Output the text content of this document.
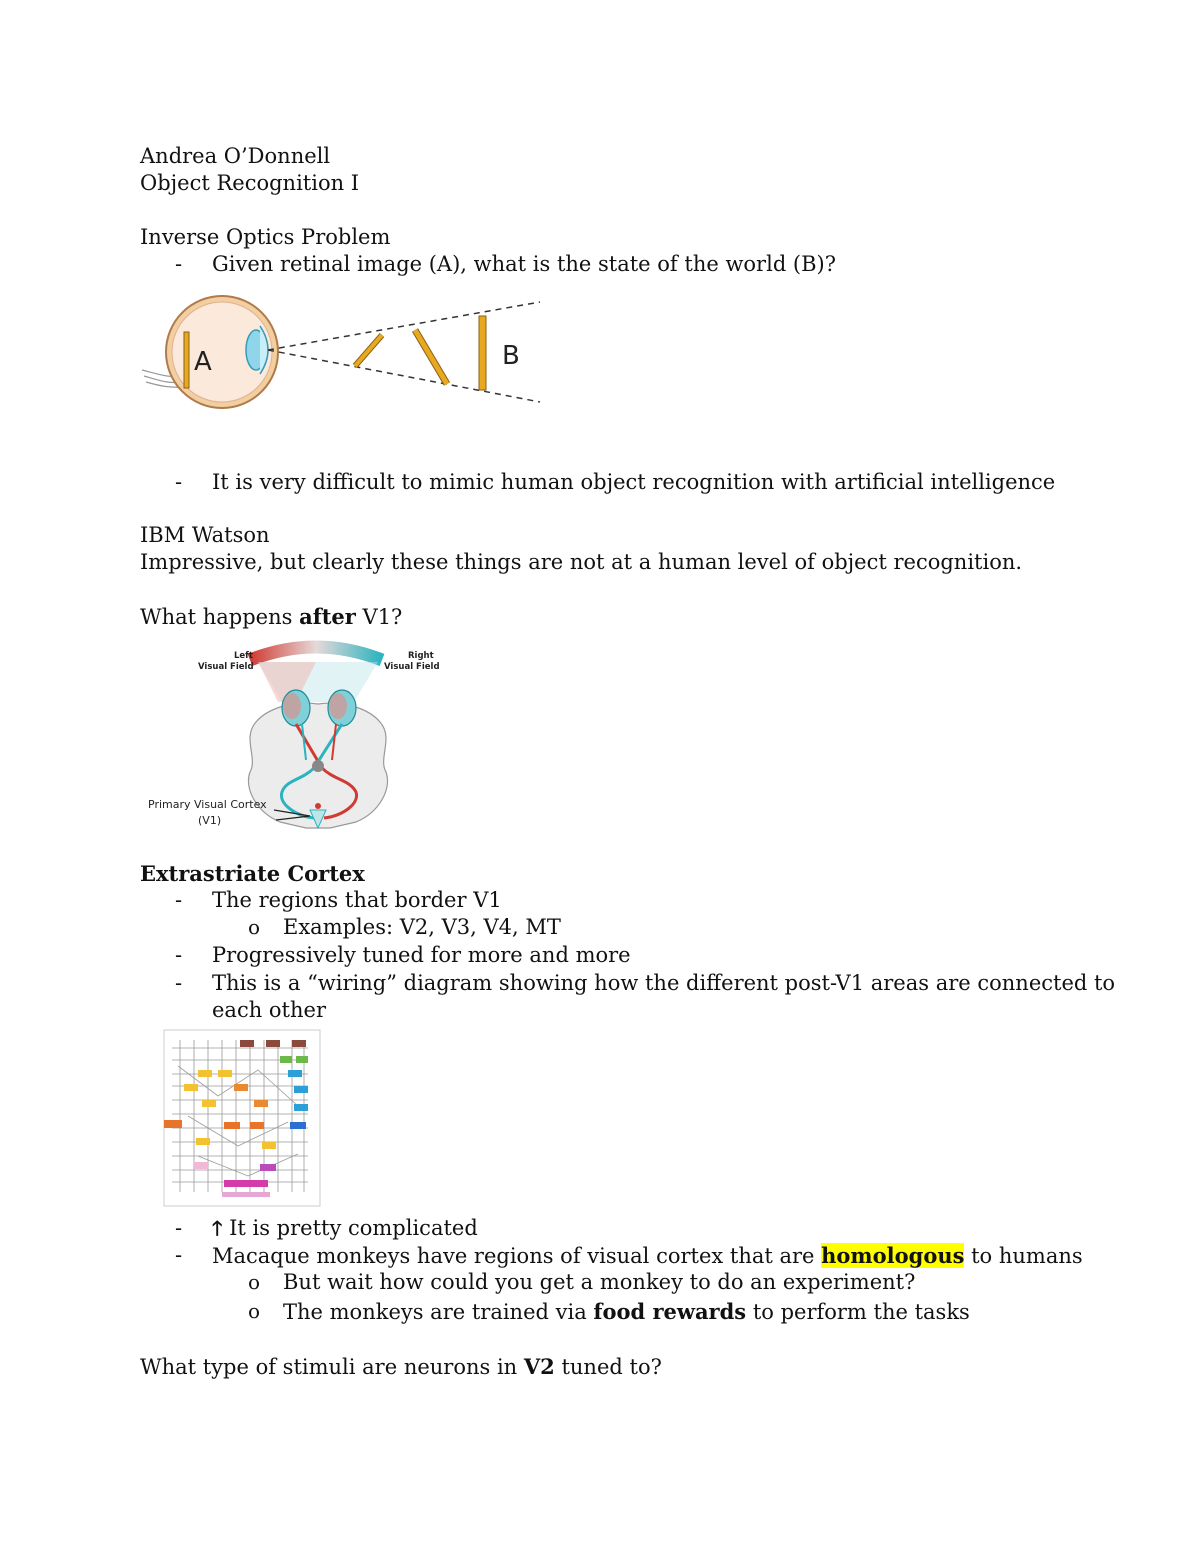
Andrea O’Donnell
Object Recognition I
Inverse Optics Problem
- Given retinal image (A), what is the state of the world (B)?
A	B
- It is very difficult to mimic human object recognition with artificial intelligence
IBM Watson
Impressive, but clearly these things are not at a human level of object recognition.
What happens after V1?
Left
Visual Field
Right
Visual Field
Primary Visual Cortex
(V1)
Extrastriate Cortex
- The regions that border V1
o Examples: V2, V3, V4, MT
- Progressively tuned for more and more
- This is a “wiring” diagram showing how the different post-V1 areas are connected to
each other
- 🡑 It is pretty complicated
- Macaque monkeys have regions of visual cortex that are homologous to humans
o But wait how could you get a monkey to do an experiment?
o The monkeys are trained via food rewards to perform the tasks
What type of stimuli are neurons in V2 tuned to?
